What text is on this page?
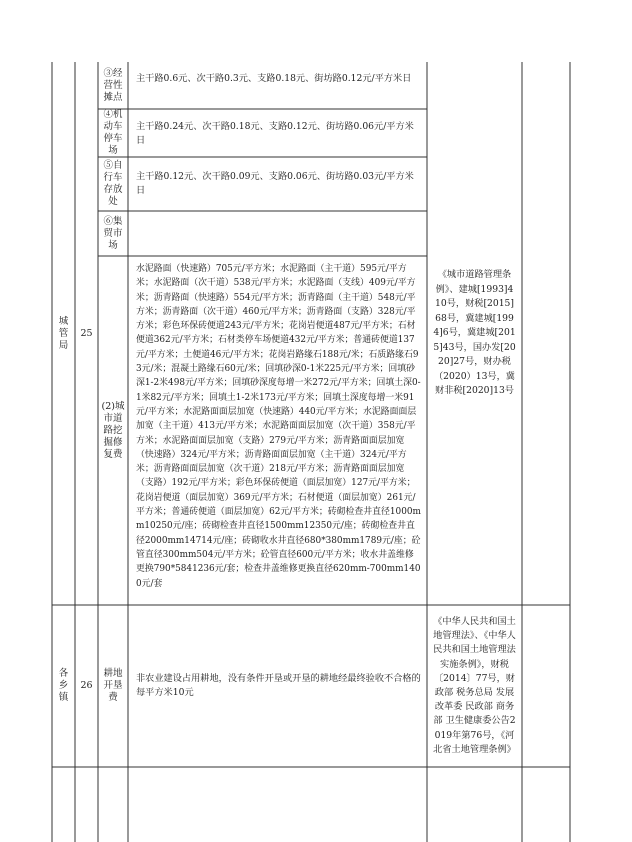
城管局
各乡镇
25
26
③经营性摊点
④机动车停车场
⑤自行车存放处
⑥集贸市场
(2)城市道路挖掘修复费
主干路0.6元、次干路0.3元、支路0.18元、街坊路0.12元/平方米日
主干路0.24元、次干路0.18元、支路0.12元、街坊路0.06元/平方米日
主干路0.12元、次干路0.09元、支路0.06元、街坊路0.03元/平方米日
水泥路面（快速路）705元/平方米；水泥路面（主干道）595元/平方米；水泥路面（次干道）538元/平方米；水泥路面（支线）409元/平方米；沥青路面（快速路）554元/平方米；沥青路面（主干道）548元/平方米；沥青路面（次干道）460元/平方米；沥青路面（支路）328元/平方米；彩色环保砖便道243元/平方米；花岗岩便道487元/平方米；石材便道362元/平方米；石材类停车场便道432元/平方米；普通砖便道137元/平方米；土便道46元/平方米；花岗岩路缘石188元/米；石质路缘石93元/米；混凝土路缘石60元/米；回填砂深0-1米225元/平方米；回填砂深1-2米498元/平方米；回填砂深度每增一米272元/平方米；回填土深0-1米82元/平方米；回填土1-2米173元/平方米；回填土深度每增一米91元/平方米；水泥路面面层加宽（快速路）440元/平方米；水泥路面面层加宽（主干道）413元/平方米；水泥路面面层加宽（次干道）358元/平方米；水泥路面面层加宽（支路）279元/平方米；沥青路面面层加宽（快速路）324元/平方米；沥青路面面层加宽（主干道）324元/平方米；沥青路面面层加宽（次干道）218元/平方米；沥青路面面层加宽（支路）192元/平方米；彩色环保砖便道（面层加宽）127元/平方米；花岗岩便道（面层加宽）369元/平方米；石材便道（面层加宽）261元/平方米；普通砖便道（面层加宽）62元/平方米；砖砌检查井直径1000mm10250元/座；砖砌检查井直径1500mm12350元/座；砖砌检查井直径2000mm14714元/座；砖砌收水井直径680*380mm1789元/座；砼管直径300mm504元/平方米；砼管直径600元/平方米；收水井盖维修更换790*5841236元/套；检查井盖维修更换直径620mm-700mm1400元/套
《城市道路管理条例》、建城[1993]410号，财税[2015]68号，冀建城[1994]6号，冀建城[2015]43号，国办发[2020]27号，财办税（2020）13号，冀财非税[2020]13号
耕地开垦费
非农业建设占用耕地，没有条件开垦或开垦的耕地经最终验收不合格的每平方米10元
《中华人民共和国土地管理法》、《中华人民共和国土地管理法实施条例》，财税〔2014〕77号，财政部 税务总局 发展改革委 民政部 商务部 卫生健康委公告2019年第76号，《河北省土地管理条例》
